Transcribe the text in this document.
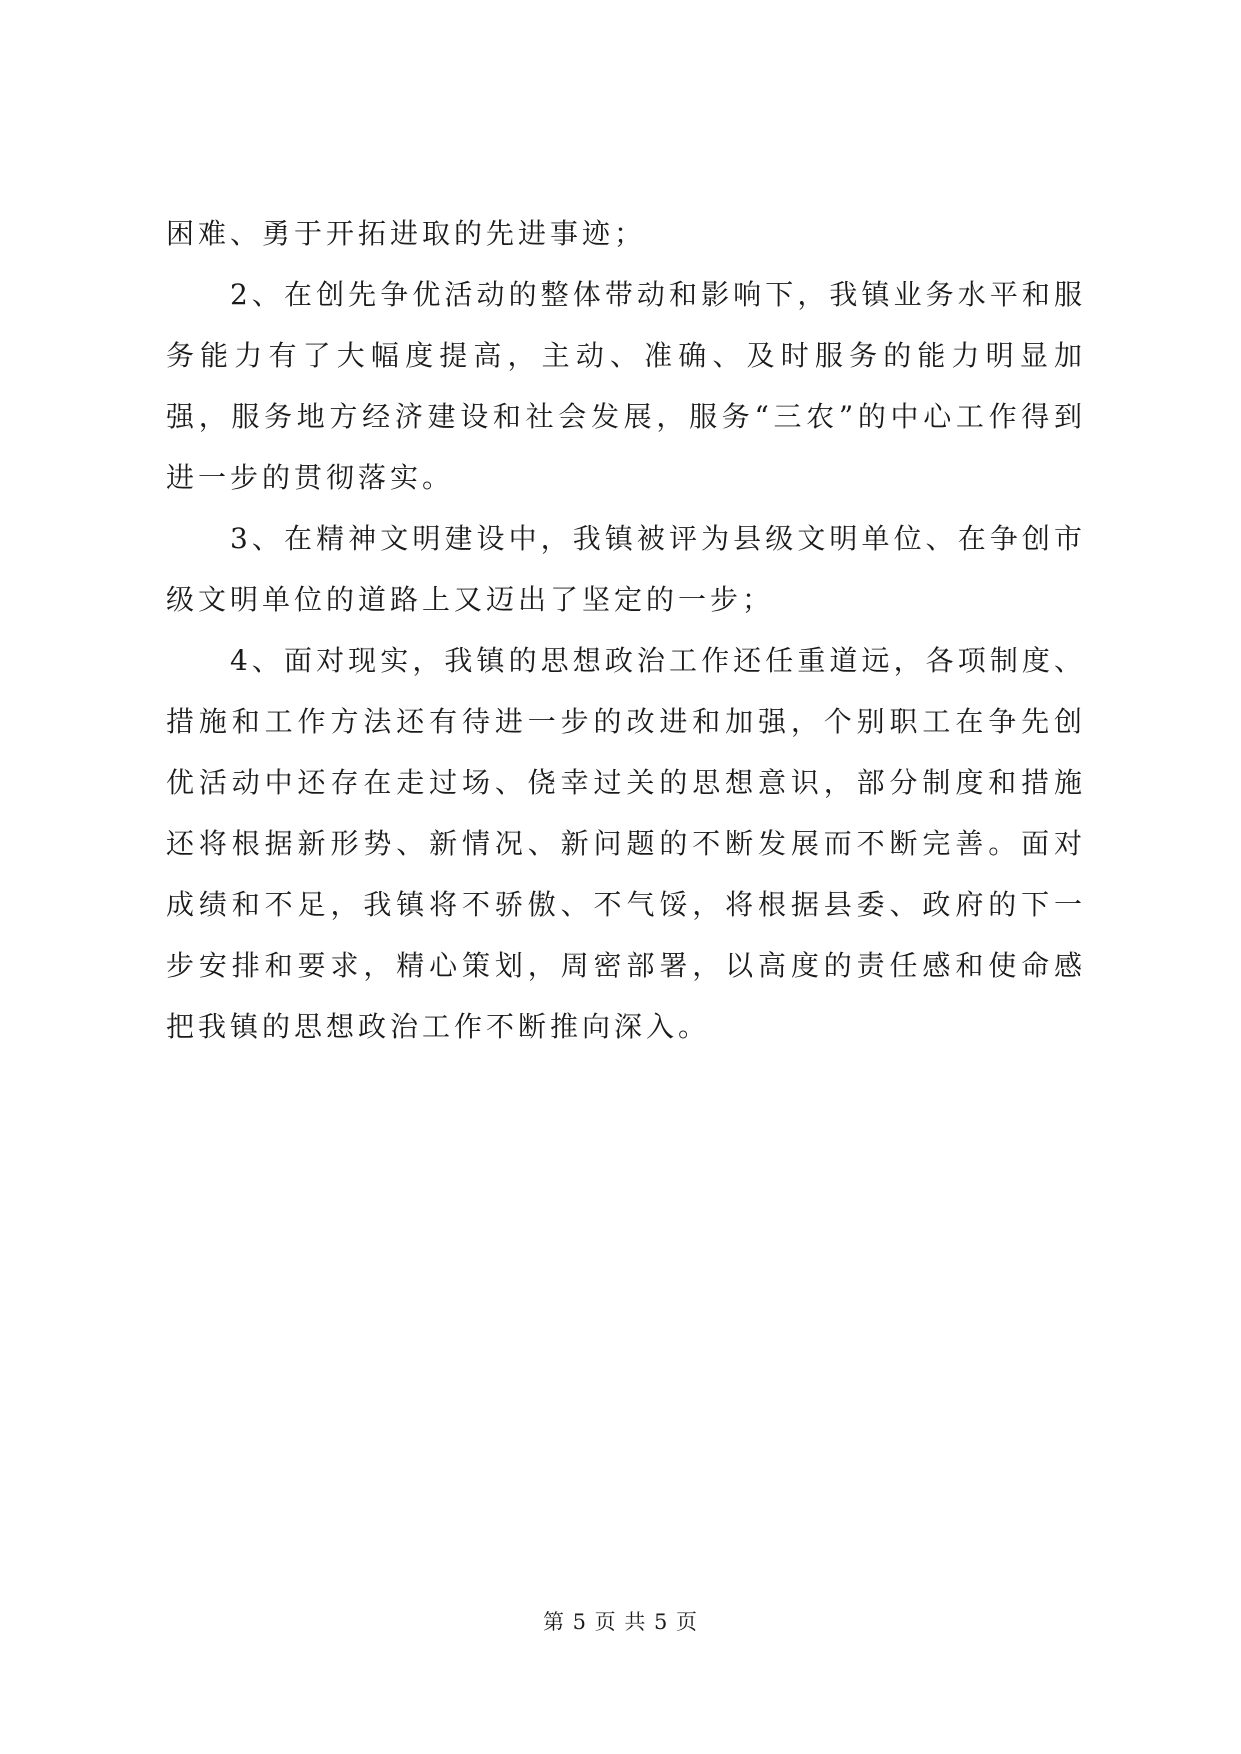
困难、勇于开拓进取的先进事迹；

2、在创先争优活动的整体带动和影响下，我镇业务水平和服务能力有了大幅度提高，主动、准确、及时服务的能力明显加强，服务地方经济建设和社会发展，服务“三农”的中心工作得到进一步的贯彻落实。

3、在精神文明建设中，我镇被评为县级文明单位、在争创市级文明单位的道路上又迈出了坚定的一步；

4、面对现实，我镇的思想政治工作还任重道远，各项制度、措施和工作方法还有待进一步的改进和加强，个别职工在争先创优活动中还存在走过场、侥幸过关的思想意识，部分制度和措施还将根据新形势、新情况、新问题的不断发展而不断完善。面对成绩和不足，我镇将不骄傲、不气馁，将根据县委、政府的下一步安排和要求，精心策划，周密部署，以高度的责任感和使命感把我镇的思想政治工作不断推向深入。

第 5 页 共 5 页
